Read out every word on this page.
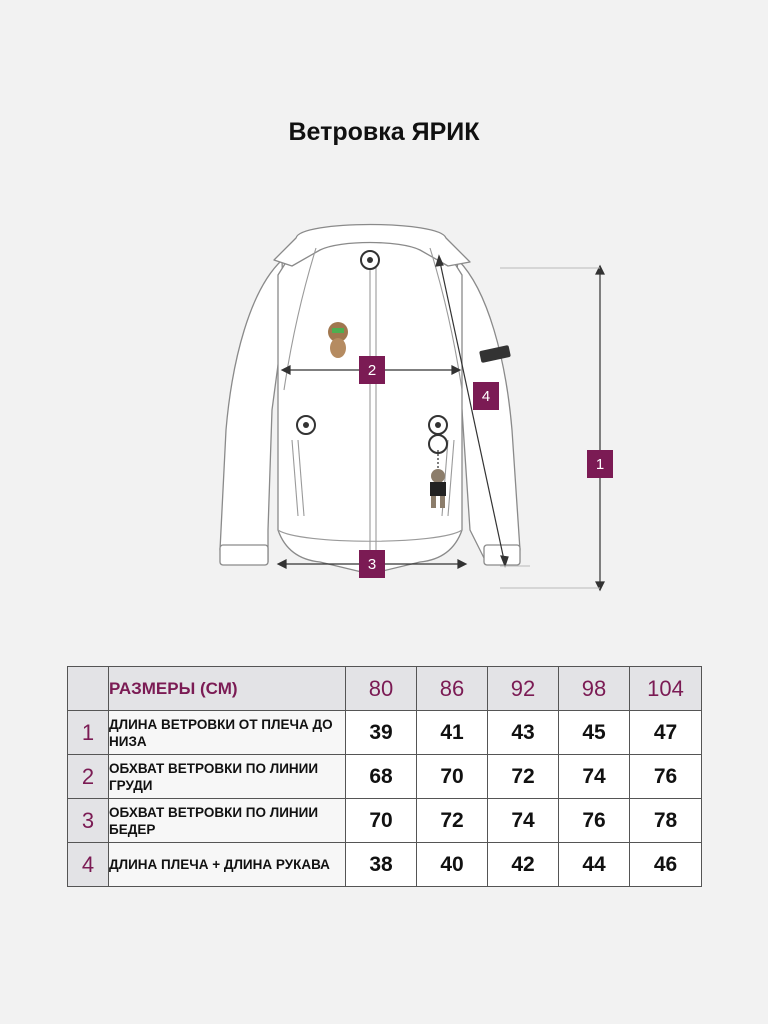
Ветровка ЯРИК
1
2
3
4
	РАЗМЕРЫ (СМ)	80	86	92	98	104
1	ДЛИНА ВЕТРОВКИ ОТ ПЛЕЧА ДО НИЗА	39	41	43	45	47
2	ОБХВАТ ВЕТРОВКИ ПО ЛИНИИ ГРУДИ	68	70	72	74	76
3	ОБХВАТ ВЕТРОВКИ ПО ЛИНИИ БЕДЕР	70	72	74	76	78
4	ДЛИНА ПЛЕЧА + ДЛИНА РУКАВА	38	40	42	44	46
